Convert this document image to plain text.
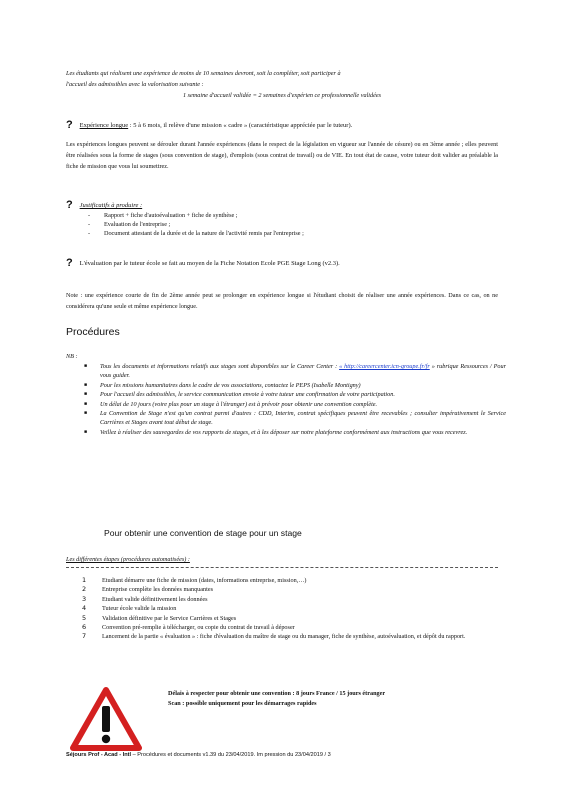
Les étudiants qui réalisent une expérience de moins de 10 semaines devront, soit la compléter, soit participer à

l'accueil des admissibles avec la valorisation suivante :

1 semaine d'accueil validée = 2 semaines d'expérien ce professionnelle validées

? Expérience longue : 5 à 6 mois, il relève d'une mission « cadre » (caractéristique appréciée par le tuteur).

Les expériences longues peuvent se dérouler durant l'année expériences (dans le respect de la législation en vigueur sur l'année de césure) ou en 3ème année ; elles peuvent être réalisées sous la forme de stages (sous convention de stage), d'emplois (sous contrat de travail) ou de VIE. En tout état de cause, votre tuteur doit valider au préalable la fiche de mission que vous lui soumettrez.

? Justificatifs à produire :

- Rapport + fiche d'autoévaluation + fiche de synthèse ;
- Evaluation de l'entreprise ;
- Document attestant de la durée et de la nature de l'activité remis par l'entreprise ;

? L'évaluation par le tuteur école se fait au moyen de la Fiche Notation Ecole PGE Stage Long (v2.3).

Note : une expérience courte de fin de 2ème année peut se prolonger en expérience longue si l'étudiant choisit de réaliser une année expériences. Dans ce cas, on ne considérera qu'une seule et même expérience longue.

Procédures
NB :
■ Tous les documents et informations relatifs aux stages sont disponibles sur le Career Center : « http://careercenter.icn-groupe.fr/fr » rubrique Ressources / Pour vous guider.
■ Pour les missions humanitaires dans le cadre de vos associations, contactez le PEPS (Isabelle Montigny)
■ Pour l'accueil des admissibles, le service communication envoie à votre tuteur une confirmation de votre participation.
■ Un délai de 10 jours (voire plus pour un stage à l'étranger) est à prévoir pour obtenir une convention complète.
■ La Convention de Stage n'est qu'un contrat parmi d'autres : CDD, Interim, contrat spécifiques peuvent être recevables ; consulter impérativement le Service Carrières et Stages avant tout début de stage.
■ Veillez à réaliser des sauvegardes de vos rapports de stages, et à les déposer sur notre plateforme conformément aux instructions que vous recevrez.
Pour obtenir une convention de stage pour un stage
Les différentes étapes (procédures automatisées) :
1	Etudiant démarre une fiche de mission (dates, informations entreprise, mission,…)
2	Entreprise complète les données manquantes
3	Etudiant valide définitivement les données
4	Tuteur école valide la mission
5	Validation définitive par le Service Carrières et Stages
6	Convention pré-remplie à télécharger, ou copie du contrat de travail à déposer
7	Lancement de la partie « évaluation » : fiche d'évaluation du maître de stage ou du manager, fiche de synthèse, autoévaluation, et dépôt du rapport.
Délais à respecter pour obtenir une convention : 8 jours France / 15 jours étranger
Scan : possible uniquement pour les démarrages rapides
Séjours Prof - Acad - Intl – Procédures et documents v1.39 du 23/04/2019. Im pression du 23/04/2019 / 3
